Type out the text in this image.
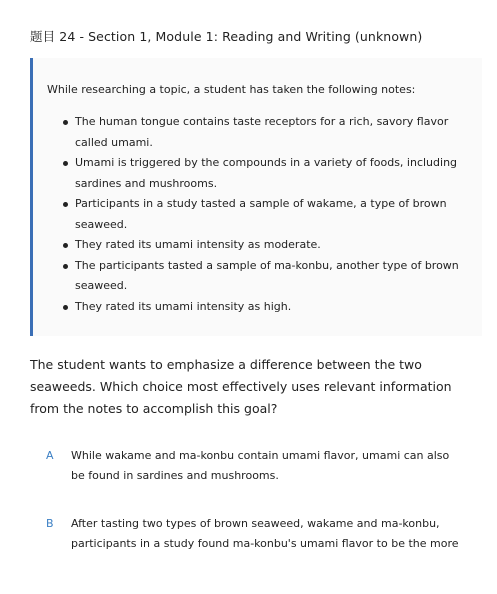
题目 24 - Section 1, Module 1: Reading and Writing (unknown)
While researching a topic, a student has taken the following notes:
The human tongue contains taste receptors for a rich, savory flavor called umami.
Umami is triggered by the compounds in a variety of foods, including sardines and mushrooms.
Participants in a study tasted a sample of wakame, a type of brown seaweed.
They rated its umami intensity as moderate.
The participants tasted a sample of ma-konbu, another type of brown seaweed.
They rated its umami intensity as high.
The student wants to emphasize a difference between the two seaweeds. Which choice most effectively uses relevant information from the notes to accomplish this goal?
A While wakame and ma-konbu contain umami flavor, umami can also be found in sardines and mushrooms.
B After tasting two types of brown seaweed, wakame and ma-konbu, participants in a study found ma-konbu's umami flavor to be the more
